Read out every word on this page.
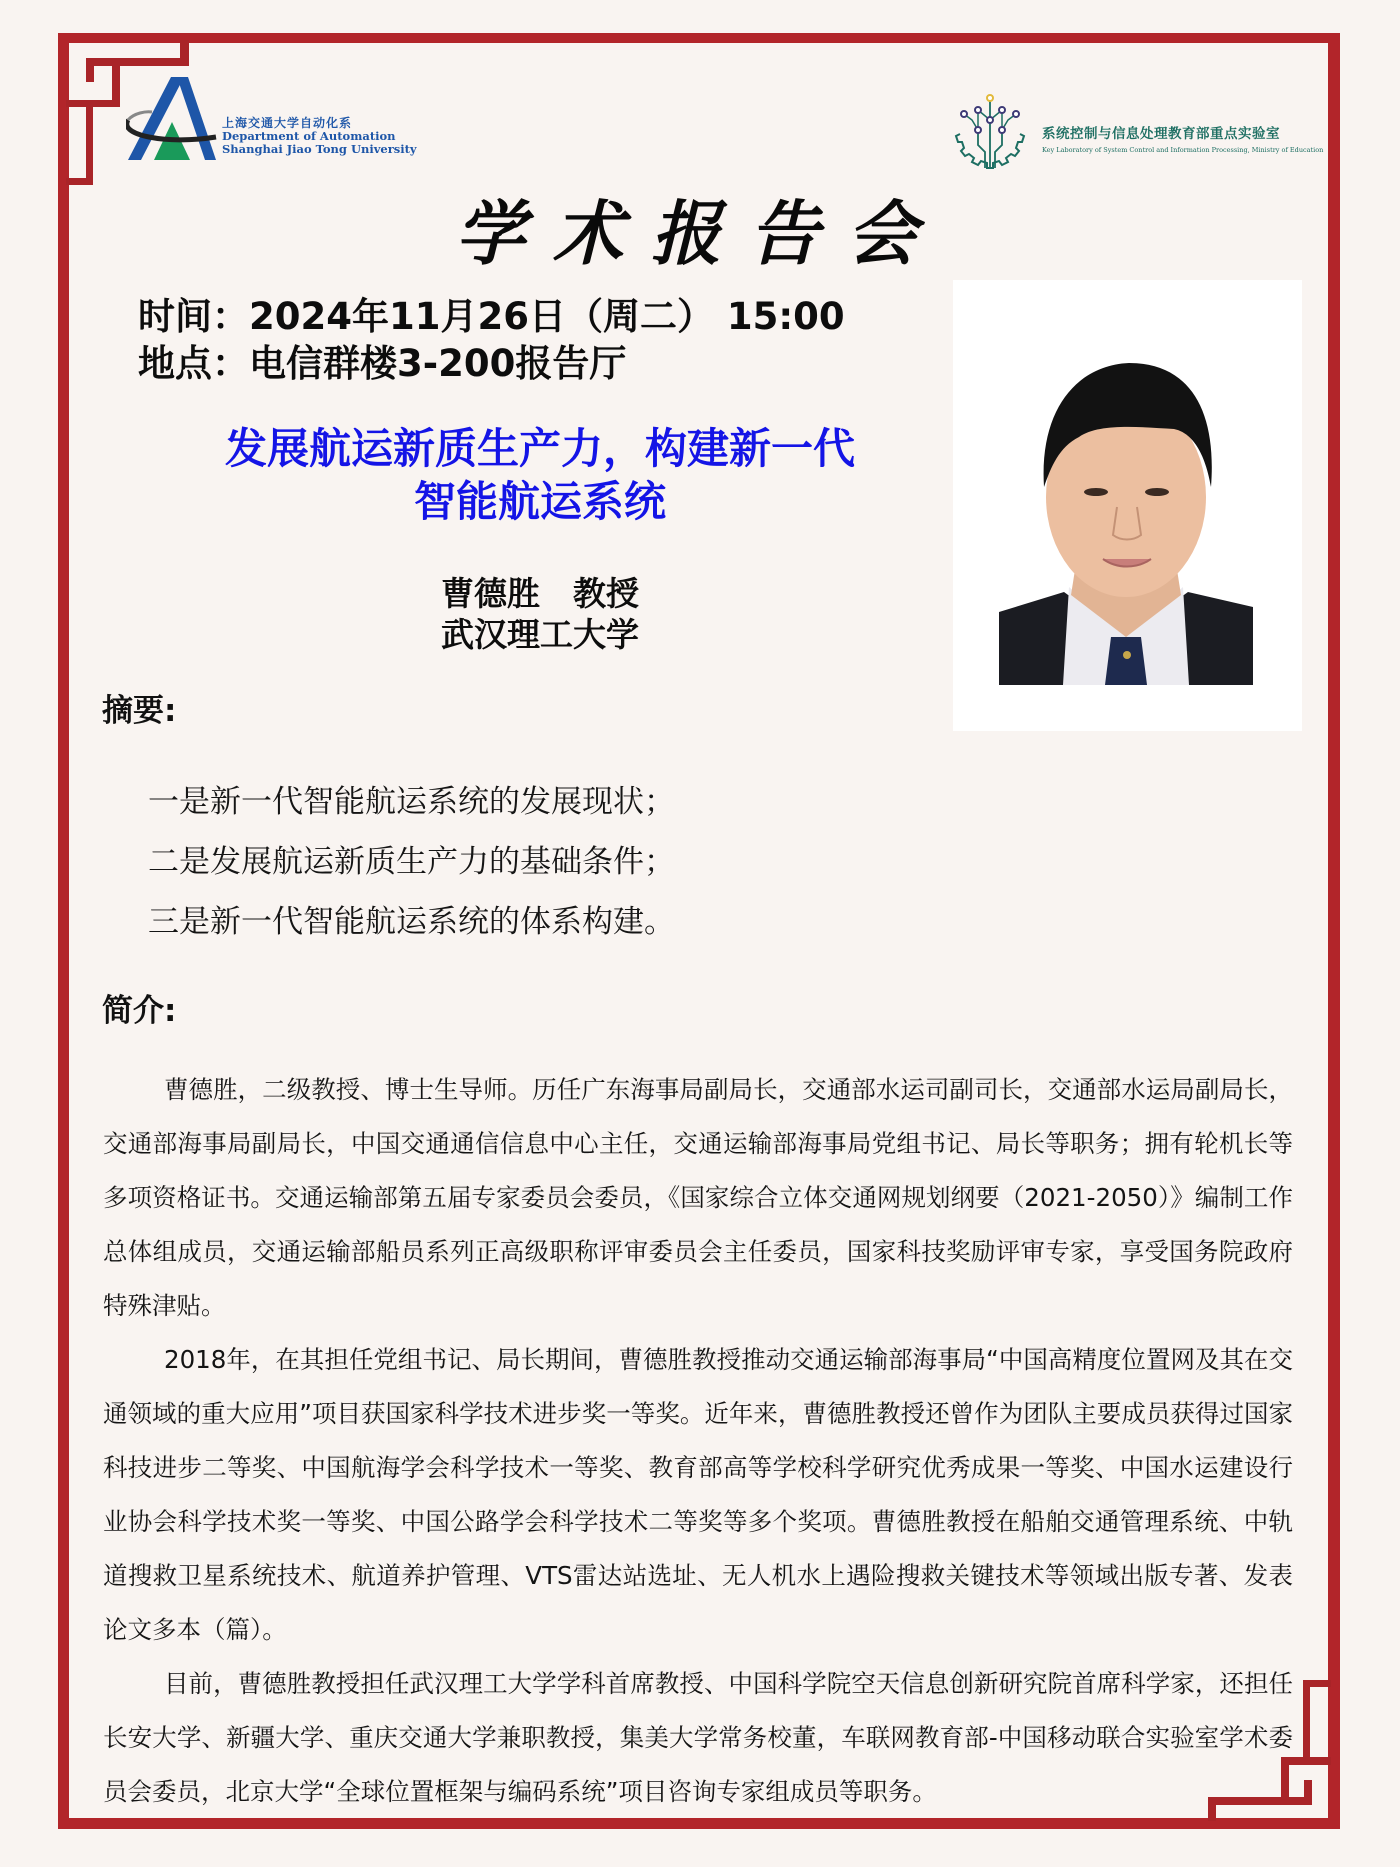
上海交通大学自动化系
Department of Automation
Shanghai Jiao Tong University
系统控制与信息处理教育部重点实验室
Key Laboratory of System Control and Information Processing, Ministry of Education
学术报告会
时间：2024年11月26日（周二） 15:00
地点：电信群楼3-200报告厅
发展航运新质生产力，构建新一代
智能航运系统
曹德胜　教授
武汉理工大学
摘要:
一是新一代智能航运系统的发展现状；
二是发展航运新质生产力的基础条件；
三是新一代智能航运系统的体系构建。
简介:

曹德胜，二级教授、博士生导师。历任广东海事局副局长，交通部水运司副司长，交通部水运局副局长，交通部海事局副局长，中国交通通信信息中心主任，交通运输部海事局党组书记、局长等职务；拥有轮机长等多项资格证书。交通运输部第五届专家委员会委员，《国家综合立体交通网规划纲要（2021-2050）》编制工作总体组成员，交通运输部船员系列正高级职称评审委员会主任委员，国家科技奖励评审专家，享受国务院政府特殊津贴。

2018年，在其担任党组书记、局长期间，曹德胜教授推动交通运输部海事局“中国高精度位置网及其在交通领域的重大应用”项目获国家科学技术进步奖一等奖。近年来，曹德胜教授还曾作为团队主要成员获得过国家科技进步二等奖、中国航海学会科学技术一等奖、教育部高等学校科学研究优秀成果一等奖、中国水运建设行业协会科学技术奖一等奖、中国公路学会科学技术二等奖等多个奖项。曹德胜教授在船舶交通管理系统、中轨道搜救卫星系统技术、航道养护管理、VTS雷达站选址、无人机水上遇险搜救关键技术等领域出版专著、发表论文多本（篇）。

目前，曹德胜教授担任武汉理工大学学科首席教授、中国科学院空天信息创新研究院首席科学家，还担任长安大学、新疆大学、重庆交通大学兼职教授，集美大学常务校董，车联网教育部-中国移动联合实验室学术委员会委员，北京大学“全球位置框架与编码系统”项目咨询专家组成员等职务。
